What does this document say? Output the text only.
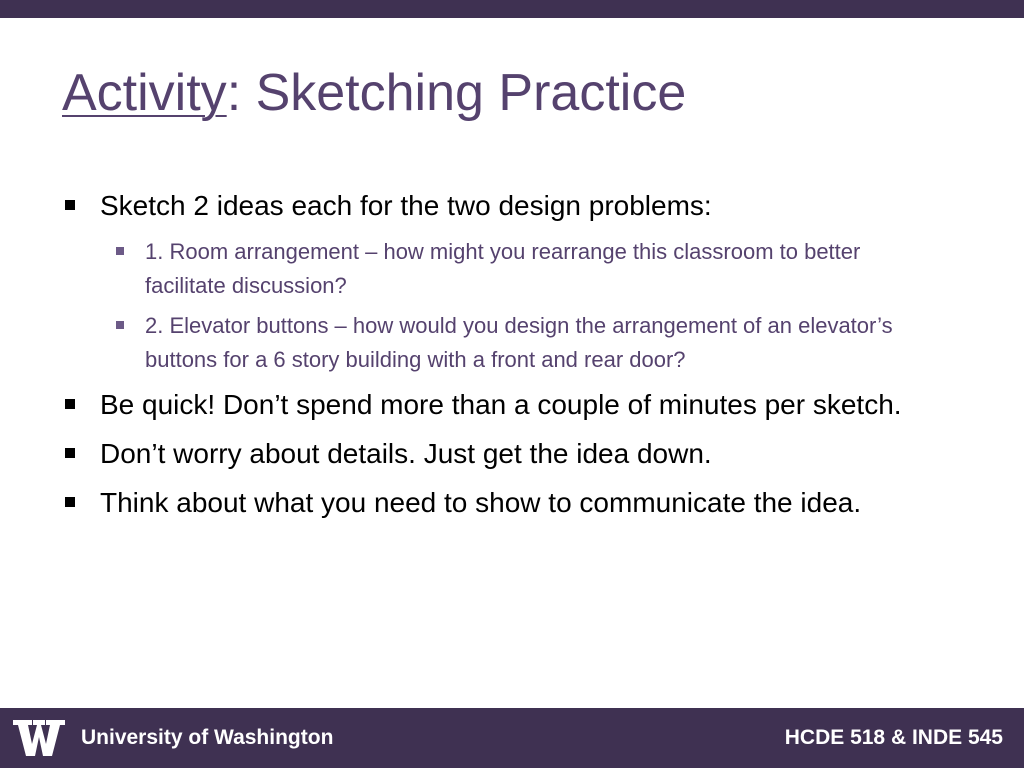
Activity: Sketching Practice
Sketch 2 ideas each for the two design problems:
1. Room arrangement – how might you rearrange this classroom to better facilitate discussion?
2. Elevator buttons – how would you design the arrangement of an elevator’s buttons for a 6 story building with a front and rear door?
Be quick! Don’t spend more than a couple of minutes per sketch.
Don’t worry about details. Just get the idea down.
Think about what you need to show to communicate the idea.
University of Washington	HCDE 518 & INDE 545
